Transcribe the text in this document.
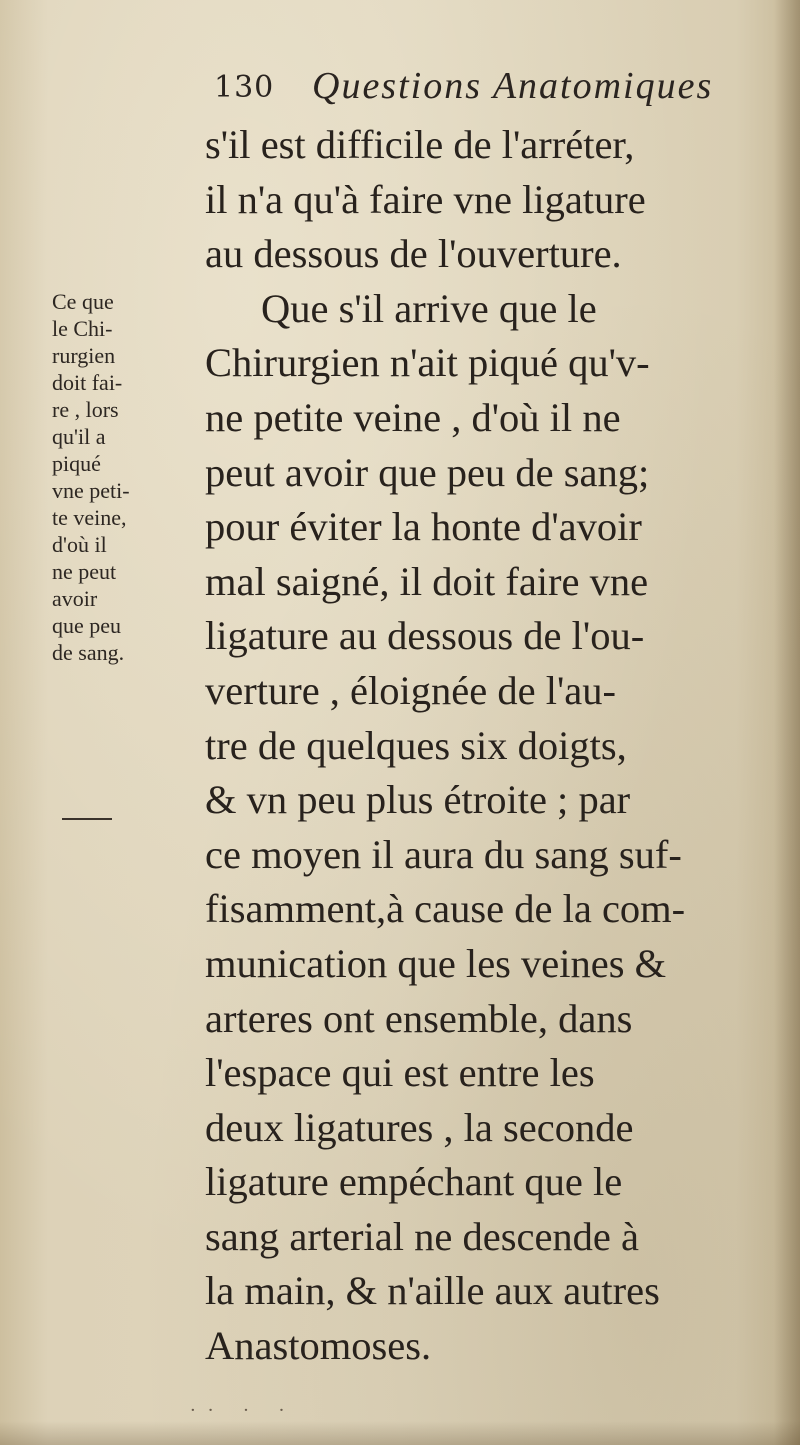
130 Questions Anatomiques
Ce que
le Chi-
rurgien
doit fai-
re , lors
qu'il a
piqué
vne peti-
te veine,
d'où il
ne peut
avoir
que peu
de sang.
s'il est difficile de l'arréter,
il n'a qu'à faire vne ligature
au dessous de l'ouverture.
Que s'il arrive que le
Chirurgien n'ait piqué qu'v-
ne petite veine , d'où il ne
peut avoir que peu de sang;
pour éviter la honte d'avoir
mal saigné, il doit faire vne
ligature au dessous de l'ou-
verture , éloignée de l'au-
tre de quelques six doigts,
& vn peu plus étroite ; par
ce moyen il aura du sang suf-
fisamment,à cause de la com-
munication que les veines &
arteres ont ensemble, dans
l'espace qui est entre les
deux ligatures , la seconde
ligature empéchant que le
sang arterial ne descende à
la main, & n'aille aux autres
Anastomoses.
·· · ·
